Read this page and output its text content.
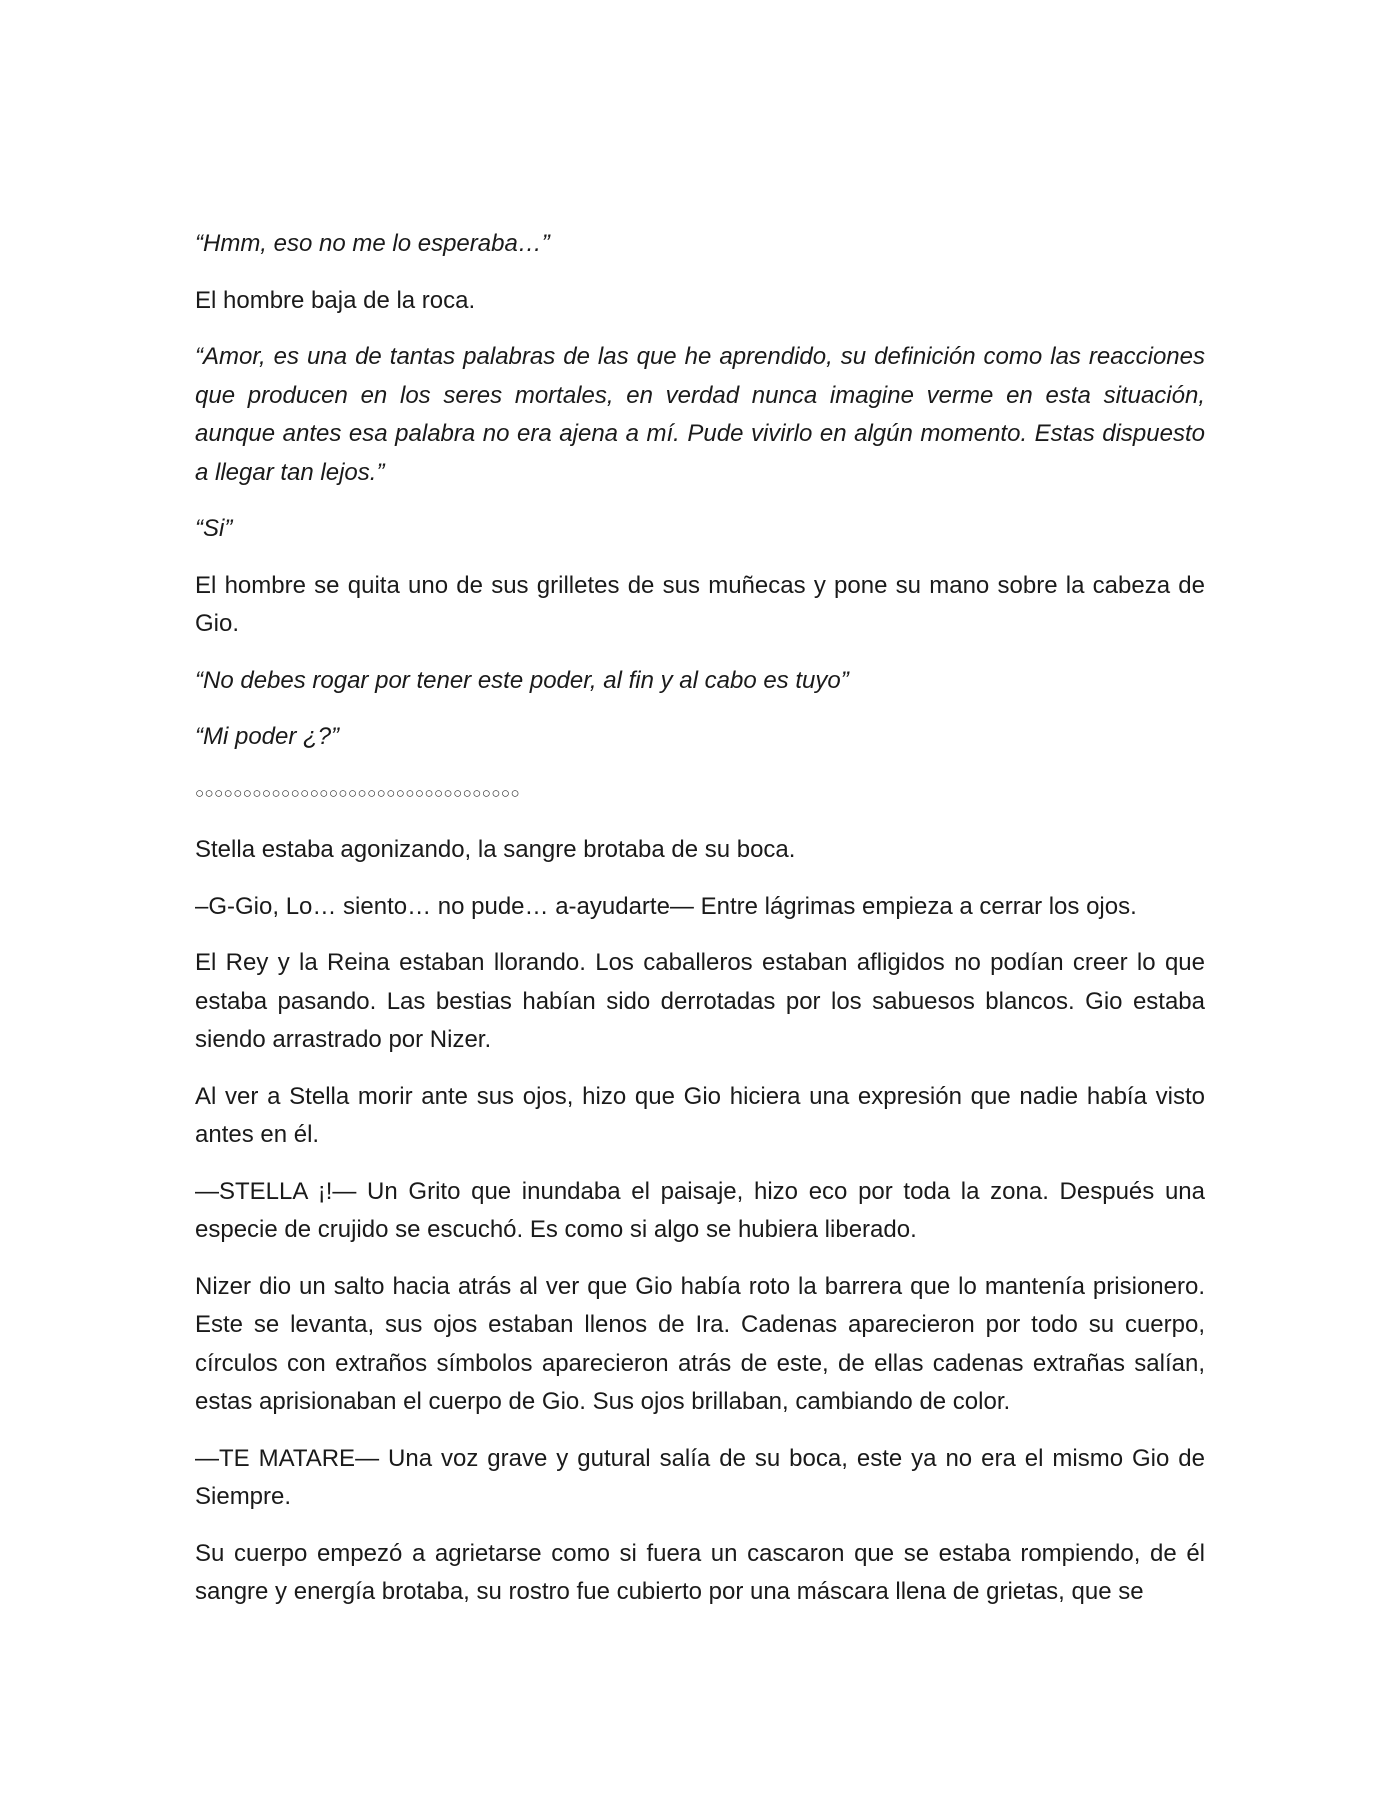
“Hmm, eso no me lo esperaba…”

El hombre baja de la roca.

“Amor, es una de tantas palabras de las que he aprendido, su definición como las reacciones que producen en los seres mortales, en verdad nunca imagine verme en esta situación, aunque antes esa palabra no era ajena a mí. Pude vivirlo en algún momento. Estas dispuesto a llegar tan lejos.”

“Si”

El hombre se quita uno de sus grilletes de sus muñecas y pone su mano sobre la cabeza de Gio.

“No debes rogar por tener este poder, al fin y al cabo es tuyo”

“Mi poder ¿?”

○○○○○○○○○○○○○○○○○○○○○○○○○○○○○○○○○○

Stella estaba agonizando, la sangre brotaba de su boca.

–G-Gio, Lo… siento… no pude… a-ayudarte— Entre lágrimas empieza a cerrar los ojos.

El Rey y la Reina estaban llorando. Los caballeros estaban afligidos no podían creer lo que estaba pasando. Las bestias habían sido derrotadas por los sabuesos blancos. Gio estaba siendo arrastrado por Nizer.

Al ver a Stella morir ante sus ojos, hizo que Gio hiciera una expresión que nadie había visto antes en él.

—STELLA ¡!— Un Grito que inundaba el paisaje, hizo eco por toda la zona. Después una especie de crujido se escuchó. Es como si algo se hubiera liberado.

Nizer dio un salto hacia atrás al ver que Gio había roto la barrera que lo mantenía prisionero. Este se levanta, sus ojos estaban llenos de Ira. Cadenas aparecieron por todo su cuerpo, círculos con extraños símbolos aparecieron atrás de este, de ellas cadenas extrañas salían, estas aprisionaban el cuerpo de Gio. Sus ojos brillaban, cambiando de color.

—TE MATARE— Una voz grave y gutural salía de su boca, este ya no era el mismo Gio de Siempre.

Su cuerpo empezó a agrietarse como si fuera un cascaron que se estaba rompiendo, de él sangre y energía brotaba, su rostro fue cubierto por una máscara llena de grietas, que se
